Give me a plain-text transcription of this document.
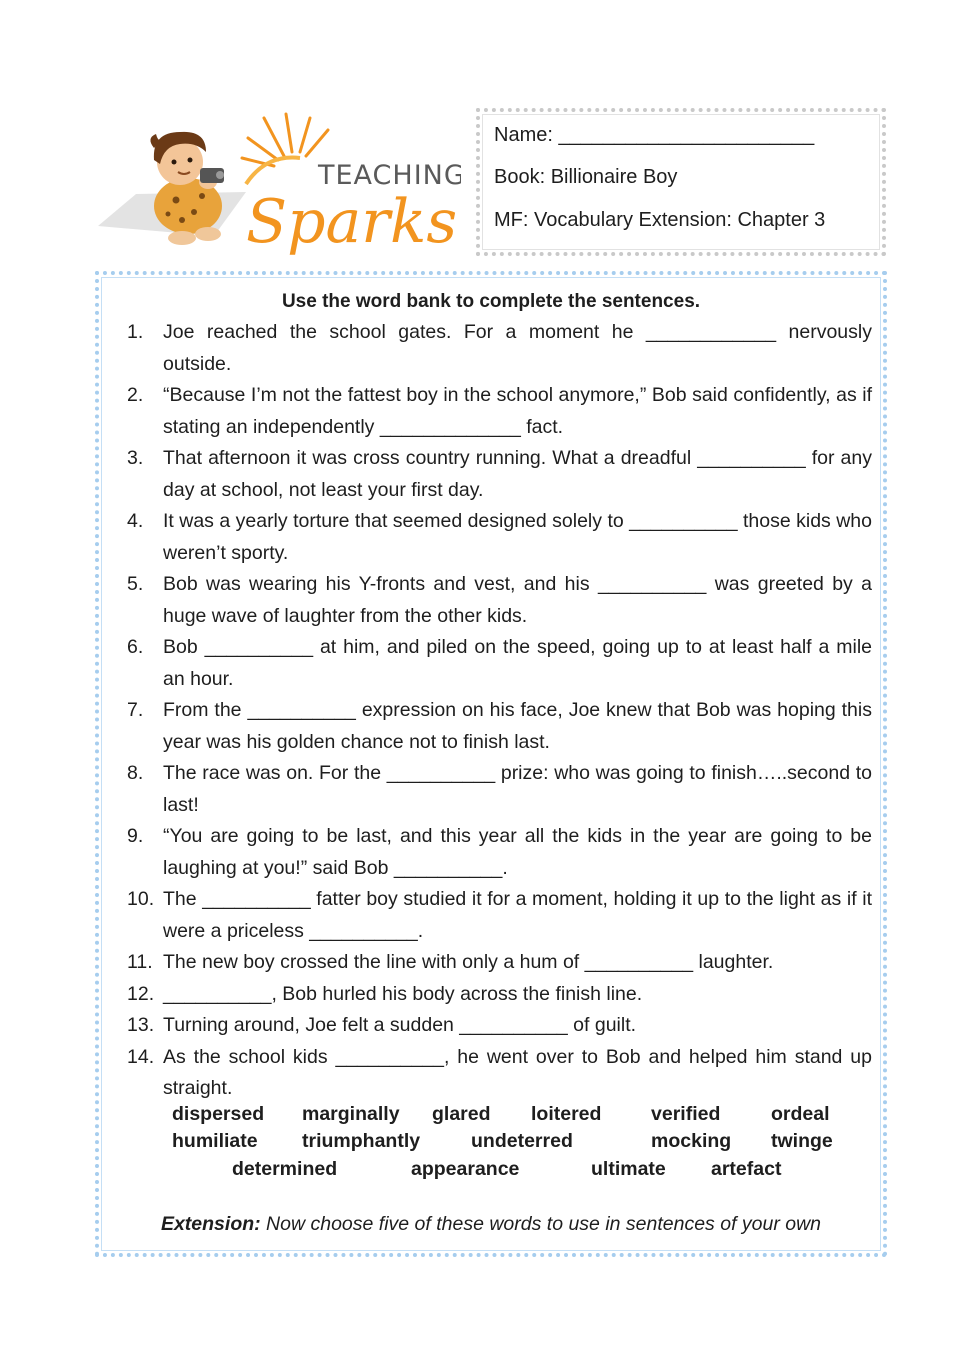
TEACHING
Sparks
Name: _______________________
Book: Billionaire Boy
MF: Vocabulary Extension: Chapter 3
Use the word bank to complete the sentences.
1. Joe reached the school gates. For a moment he ____________ nervously outside.
2. “Because I’m not the fattest boy in the school anymore,” Bob said confidently, as if stating an independently _____________ fact.
3. That afternoon it was cross country running. What a dreadful __________ for any day at school, not least your first day.
4. It was a yearly torture that seemed designed solely to __________ those kids who weren’t sporty.
5. Bob was wearing his Y-fronts and vest, and his __________ was greeted by a huge wave of laughter from the other kids.
6. Bob __________ at him, and piled on the speed, going up to at least half a mile an hour.
7. From the __________ expression on his face, Joe knew that Bob was hoping this year was his golden chance not to finish last.
8. The race was on. For the __________ prize: who was going to finish…..second to last!
9. “You are going to be last, and this year all the kids in the year are going to be laughing at you!” said Bob __________.
10. The __________ fatter boy studied it for a moment, holding it up to the light as if it were a priceless __________.
11. The new boy crossed the line with only a hum of __________ laughter.
12. __________, Bob hurled his body across the finish line.
13. Turning around, Joe felt a sudden __________ of guilt.
14. As the school kids __________, he went over to Bob and helped him stand up straight.
dispersed marginally glared loitered	verified	ordeal
humiliate triumphantly	undeterred	mocking twinge
determined	appearance	ultimate artefact
Extension: Now choose five of these words to use in sentences of your own
